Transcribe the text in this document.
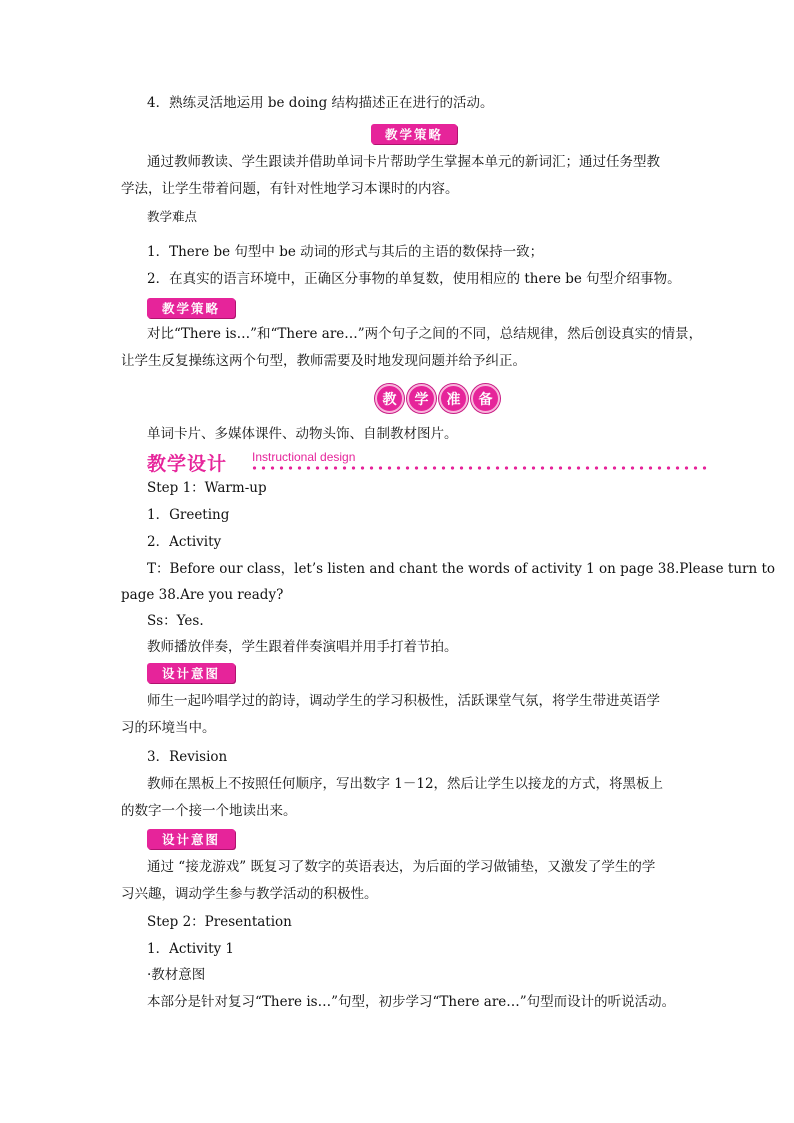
4．熟练灵活地运用 be doing 结构描述正在进行的活动。
教学策略
通过教师教读、学生跟读并借助单词卡片帮助学生掌握本单元的新词汇；通过任务型教
学法，让学生带着问题，有针对性地学习本课时的内容。
教学难点
1．There be 句型中 be 动词的形式与其后的主语的数保持一致；
2．在真实的语言环境中，正确区分事物的单复数，使用相应的 there be 句型介绍事物。
教学策略
对比“There is…”和“There are…”两个句子之间的不同，总结规律，然后创设真实的情景，
让学生反复操练这两个句型，教师需要及时地发现问题并给予纠正。
教	学	准	备
单词卡片、多媒体课件、动物头饰、自制教材图片。
教学设计 Instructional design
Step 1：Warm-up
1．Greeting
2．Activity
T：Before our class，let’s listen and chant the words of activity 1 on page 38.Please turn to
page 38.Are you ready?
Ss：Yes.
教师播放伴奏，学生跟着伴奏演唱并用手打着节拍。
设计意图
师生一起吟唱学过的韵诗，调动学生的学习积极性，活跃课堂气氛，将学生带进英语学
习的环境当中。
3．Revision
教师在黑板上不按照任何顺序，写出数字 1－12，然后让学生以接龙的方式，将黑板上
的数字一个接一个地读出来。
设计意图
通过 “接龙游戏” 既复习了数字的英语表达，为后面的学习做铺垫，又激发了学生的学
习兴趣，调动学生参与教学活动的积极性。
Step 2：Presentation
1．Activity 1
·教材意图
本部分是针对复习“There is…”句型，初步学习“There are…”句型而设计的听说活动。
